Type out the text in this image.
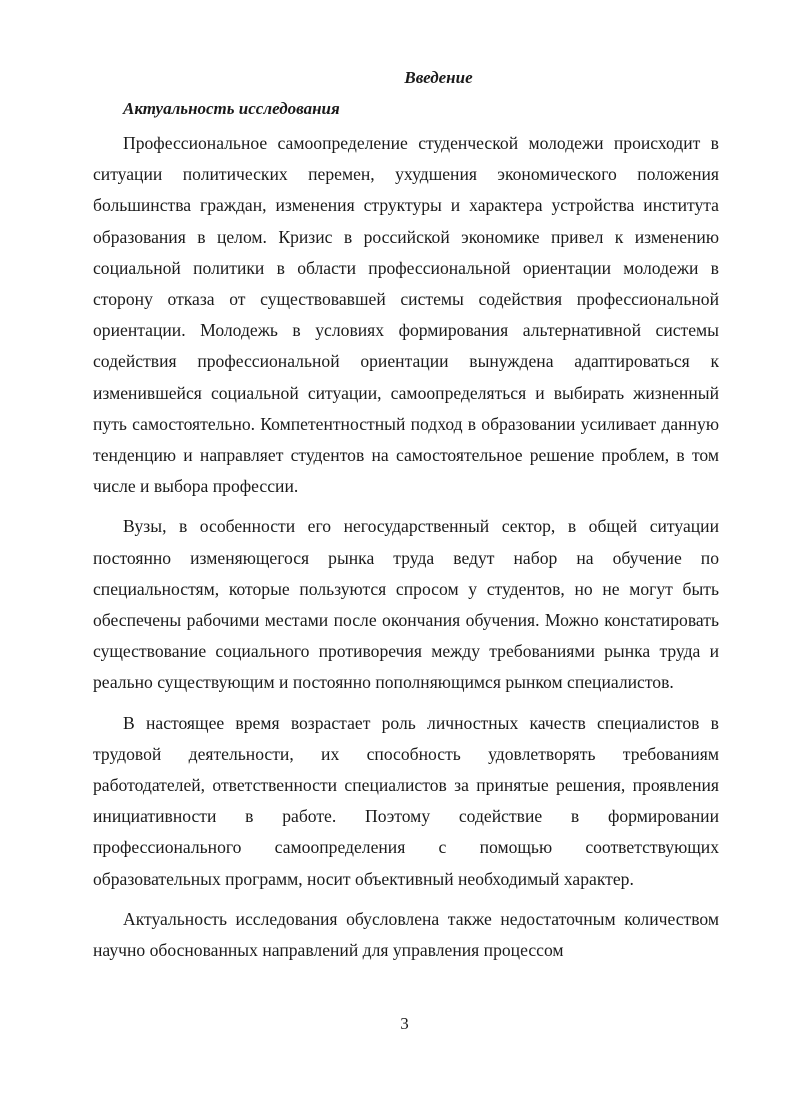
Введение
Актуальность исследования

Профессиональное самоопределение студенческой молодежи происходит в ситуации политических перемен, ухудшения экономического положения большинства граждан, изменения структуры и характера устройства института образования в целом. Кризис в российской экономике привел к изменению социальной политики в области профессиональной ориентации молодежи в сторону отказа от существовавшей системы содействия профессиональной ориентации. Молодежь в условиях формирования альтернативной системы содействия профессиональной ориентации вынуждена адаптироваться к изменившейся социальной ситуации, самоопределяться и выбирать жизненный путь самостоятельно. Компетентностный подход в образовании усиливает данную тенденцию и направляет студентов на самостоятельное решение проблем, в том числе и выбора профессии.

Вузы, в особенности его негосударственный сектор, в общей ситуации постоянно изменяющегося рынка труда ведут набор на обучение по специальностям, которые пользуются спросом у студентов, но не могут быть обеспечены рабочими местами после окончания обучения. Можно констатировать существование социального противоречия между требованиями рынка труда и реально существующим и постоянно пополняющимся рынком специалистов.

В настоящее время возрастает роль личностных качеств специалистов в трудовой деятельности, их способность удовлетворять требованиям работодателей, ответственности специалистов за принятые решения, проявления инициативности в работе. Поэтому содействие в формировании профессионального самоопределения с помощью соответствующих образовательных программ, носит объективный необходимый характер.

Актуальность исследования обусловлена также недостаточным количеством научно обоснованных направлений для управления процессом

3
